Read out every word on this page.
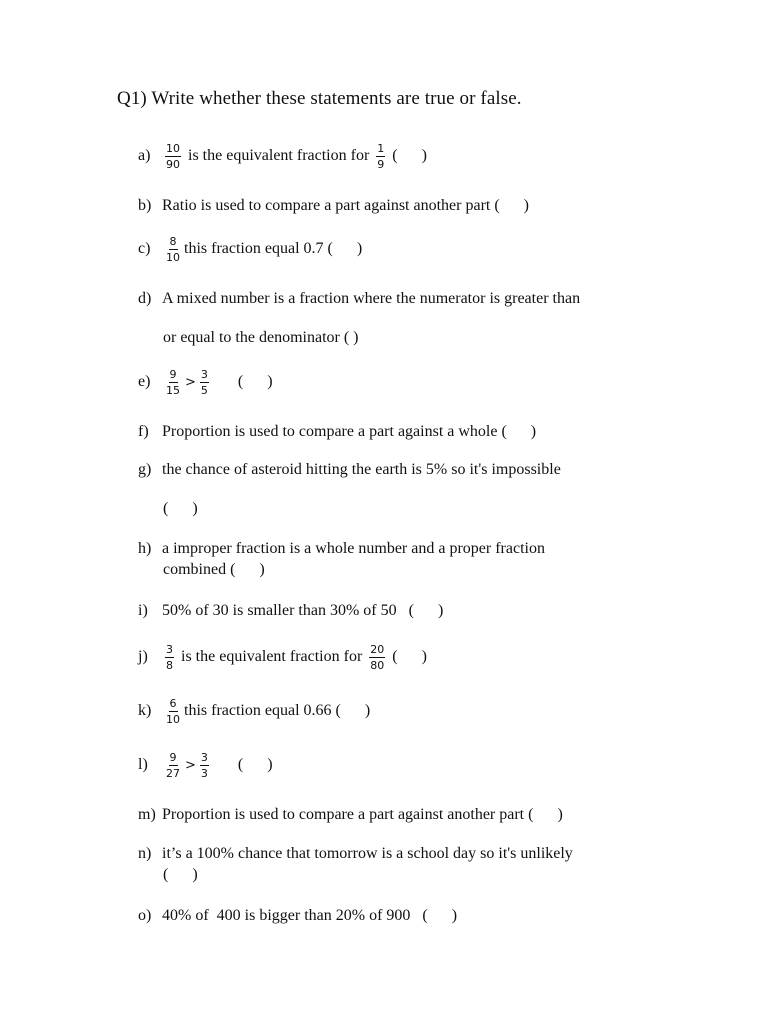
Q1) Write whether these statements are true or false.
$a) \frac{10}{90}$ is the equivalent fraction for $\frac{1}{9}$ (      )
b) Ratio is used to compare a part against another part (      )
$c) \frac{8}{10}$ this fraction equal 0.7 (      )
d) A mixed number is a fraction where the numerator is greater than
or equal to the denominator ( )
$e) \frac{9}{15} > \frac{3}{5}$ (      )
f) Proportion is used to compare a part against a whole (      )
g) the chance of asteroid hitting the earth is 5% so it's impossible
(      )
h) a improper fraction is a whole number and a proper fraction
combined (      )
i) 50% of 30 is smaller than 30% of 50   (      )
$j) \frac{3}{8}$ is the equivalent fraction for $\frac{20}{80}$ (      )
$k) \frac{6}{10}$ this fraction equal 0.66 (      )
$l) \frac{9}{27} > \frac{3}{3}$ (      )
m) Proportion is used to compare a part against another part (      )
n) it’s a 100% chance that tomorrow is a school day so it's unlikely
(      )
o) 40% of  400 is bigger than 20% of 900   (      )
